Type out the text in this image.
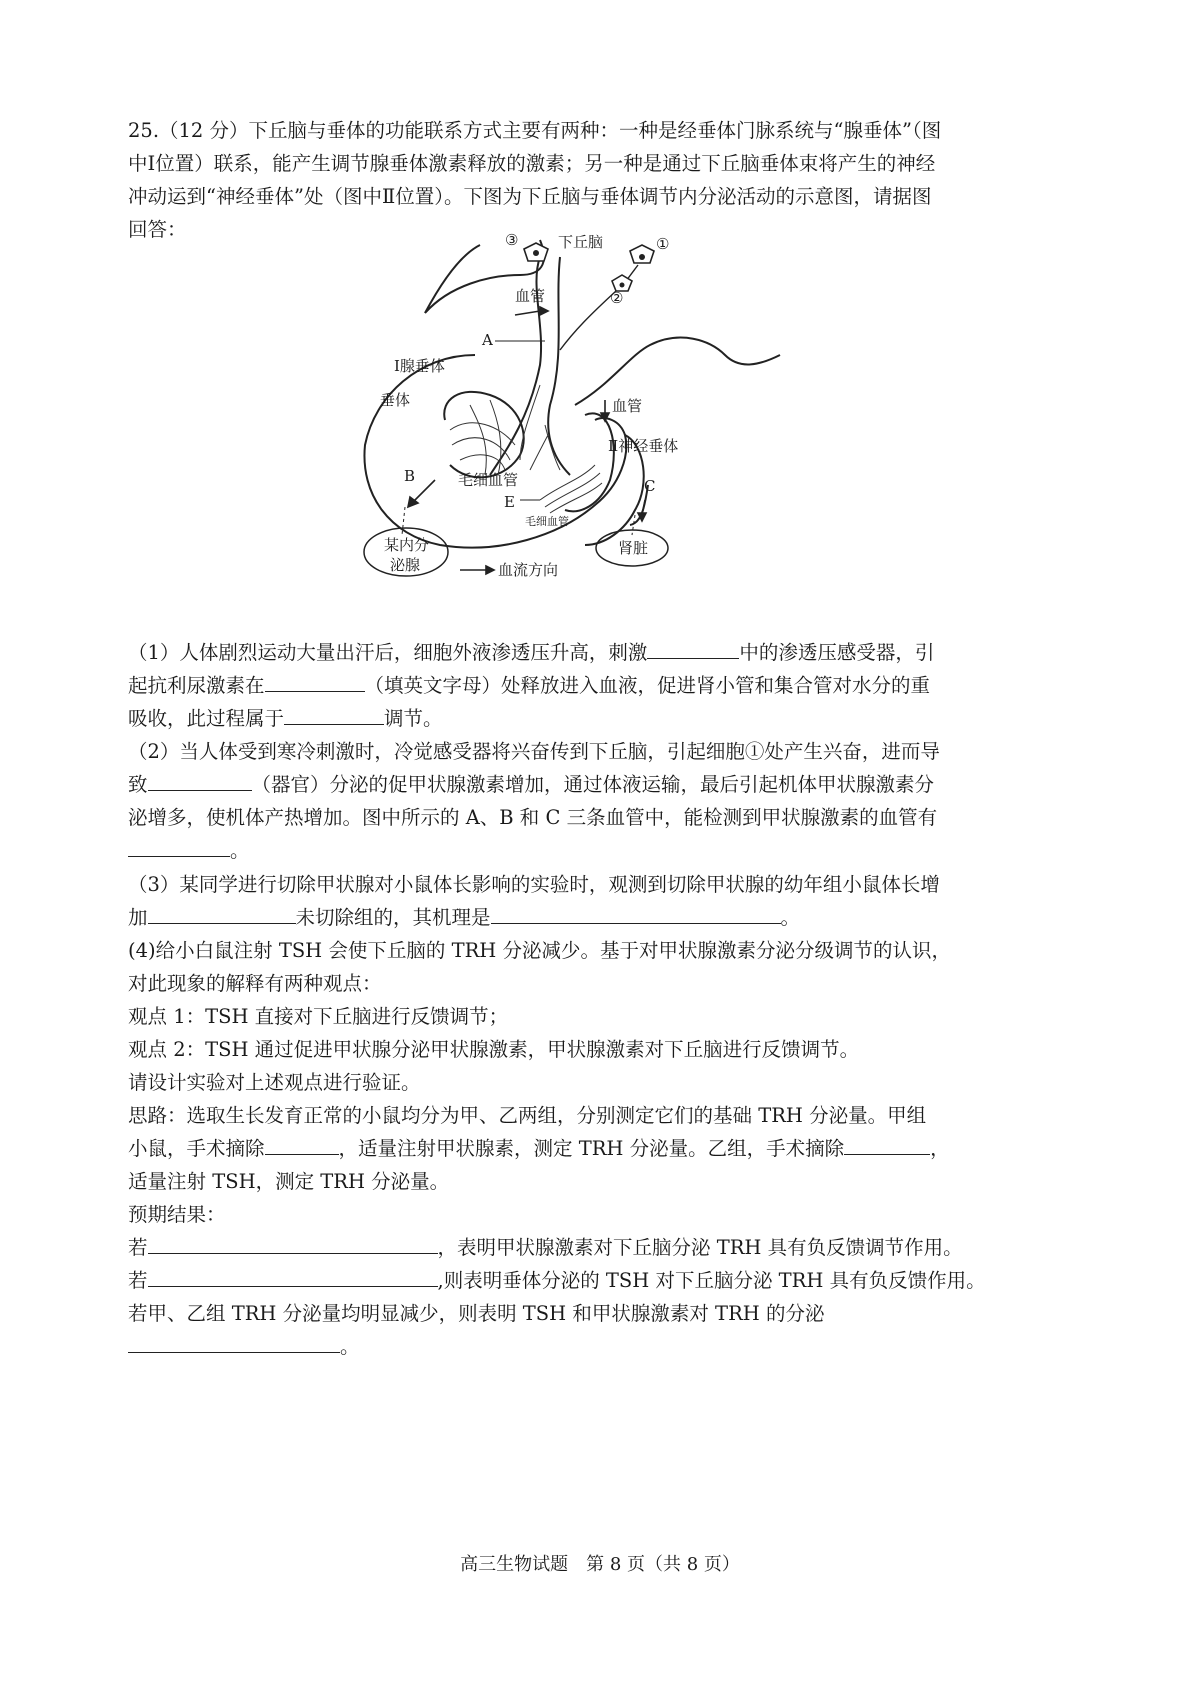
25.（12 分）下丘脑与垂体的功能联系方式主要有两种：一种是经垂体门脉系统与“腺垂体”（图
中Ⅰ位置）联系，能产生调节腺垂体激素释放的激素；另一种是通过下丘脑垂体束将产生的神经
冲动运到“神经垂体”处（图中Ⅱ位置）。下图为下丘脑与垂体调节内分泌活动的示意图，请据图
回答：	③	下丘脑	①
②
血管
A
Ⅰ腺垂体
垂体	血管
Ⅱ神经垂体
B	毛细血管
E
毛细血管
C
某内分
泌腺
肾脏
血流方向
（1）人体剧烈运动大量出汗后，细胞外液渗透压升高，刺激	中的渗透压感受器，引
起抗利尿激素在	（填英文字母）处释放进入血液，促进肾小管和集合管对水分的重
吸收，此过程属于	调节。
（2）当人体受到寒冷刺激时，冷觉感受器将兴奋传到下丘脑，引起细胞①处产生兴奋，进而导
致	（器官）分泌的促甲状腺激素增加，通过体液运输，最后引起机体甲状腺激素分
泌增多，使机体产热增加。图中所示的 A、B 和 C 三条血管中，能检测到甲状腺激素的血管有
。
（3）某同学进行切除甲状腺对小鼠体长影响的实验时，观测到切除甲状腺的幼年组小鼠体长增
加	未切除组的，其机理是	。
(4)给小白鼠注射 TSH 会使下丘脑的 TRH 分泌减少。基于对甲状腺激素分泌分级调节的认识，
对此现象的解释有两种观点：
观点 1：TSH 直接对下丘脑进行反馈调节；
观点 2：TSH 通过促进甲状腺分泌甲状腺激素，甲状腺激素对下丘脑进行反馈调节。
请设计实验对上述观点进行验证。
思路：选取生长发育正常的小鼠均分为甲、乙两组，分别测定它们的基础 TRH 分泌量。甲组
小鼠，手术摘除	，适量注射甲状腺素，测定 TRH 分泌量。乙组，手术摘除	，
适量注射 TSH，测定 TRH 分泌量。
预期结果：
若	，表明甲状腺激素对下丘脑分泌 TRH 具有负反馈调节作用。
若	,则表明垂体分泌的 TSH 对下丘脑分泌 TRH 具有负反馈作用。
若甲、乙组 TRH 分泌量均明显减少，则表明 TSH 和甲状腺激素对 TRH 的分泌
。
高三生物试题　第 8 页（共 8 页）
